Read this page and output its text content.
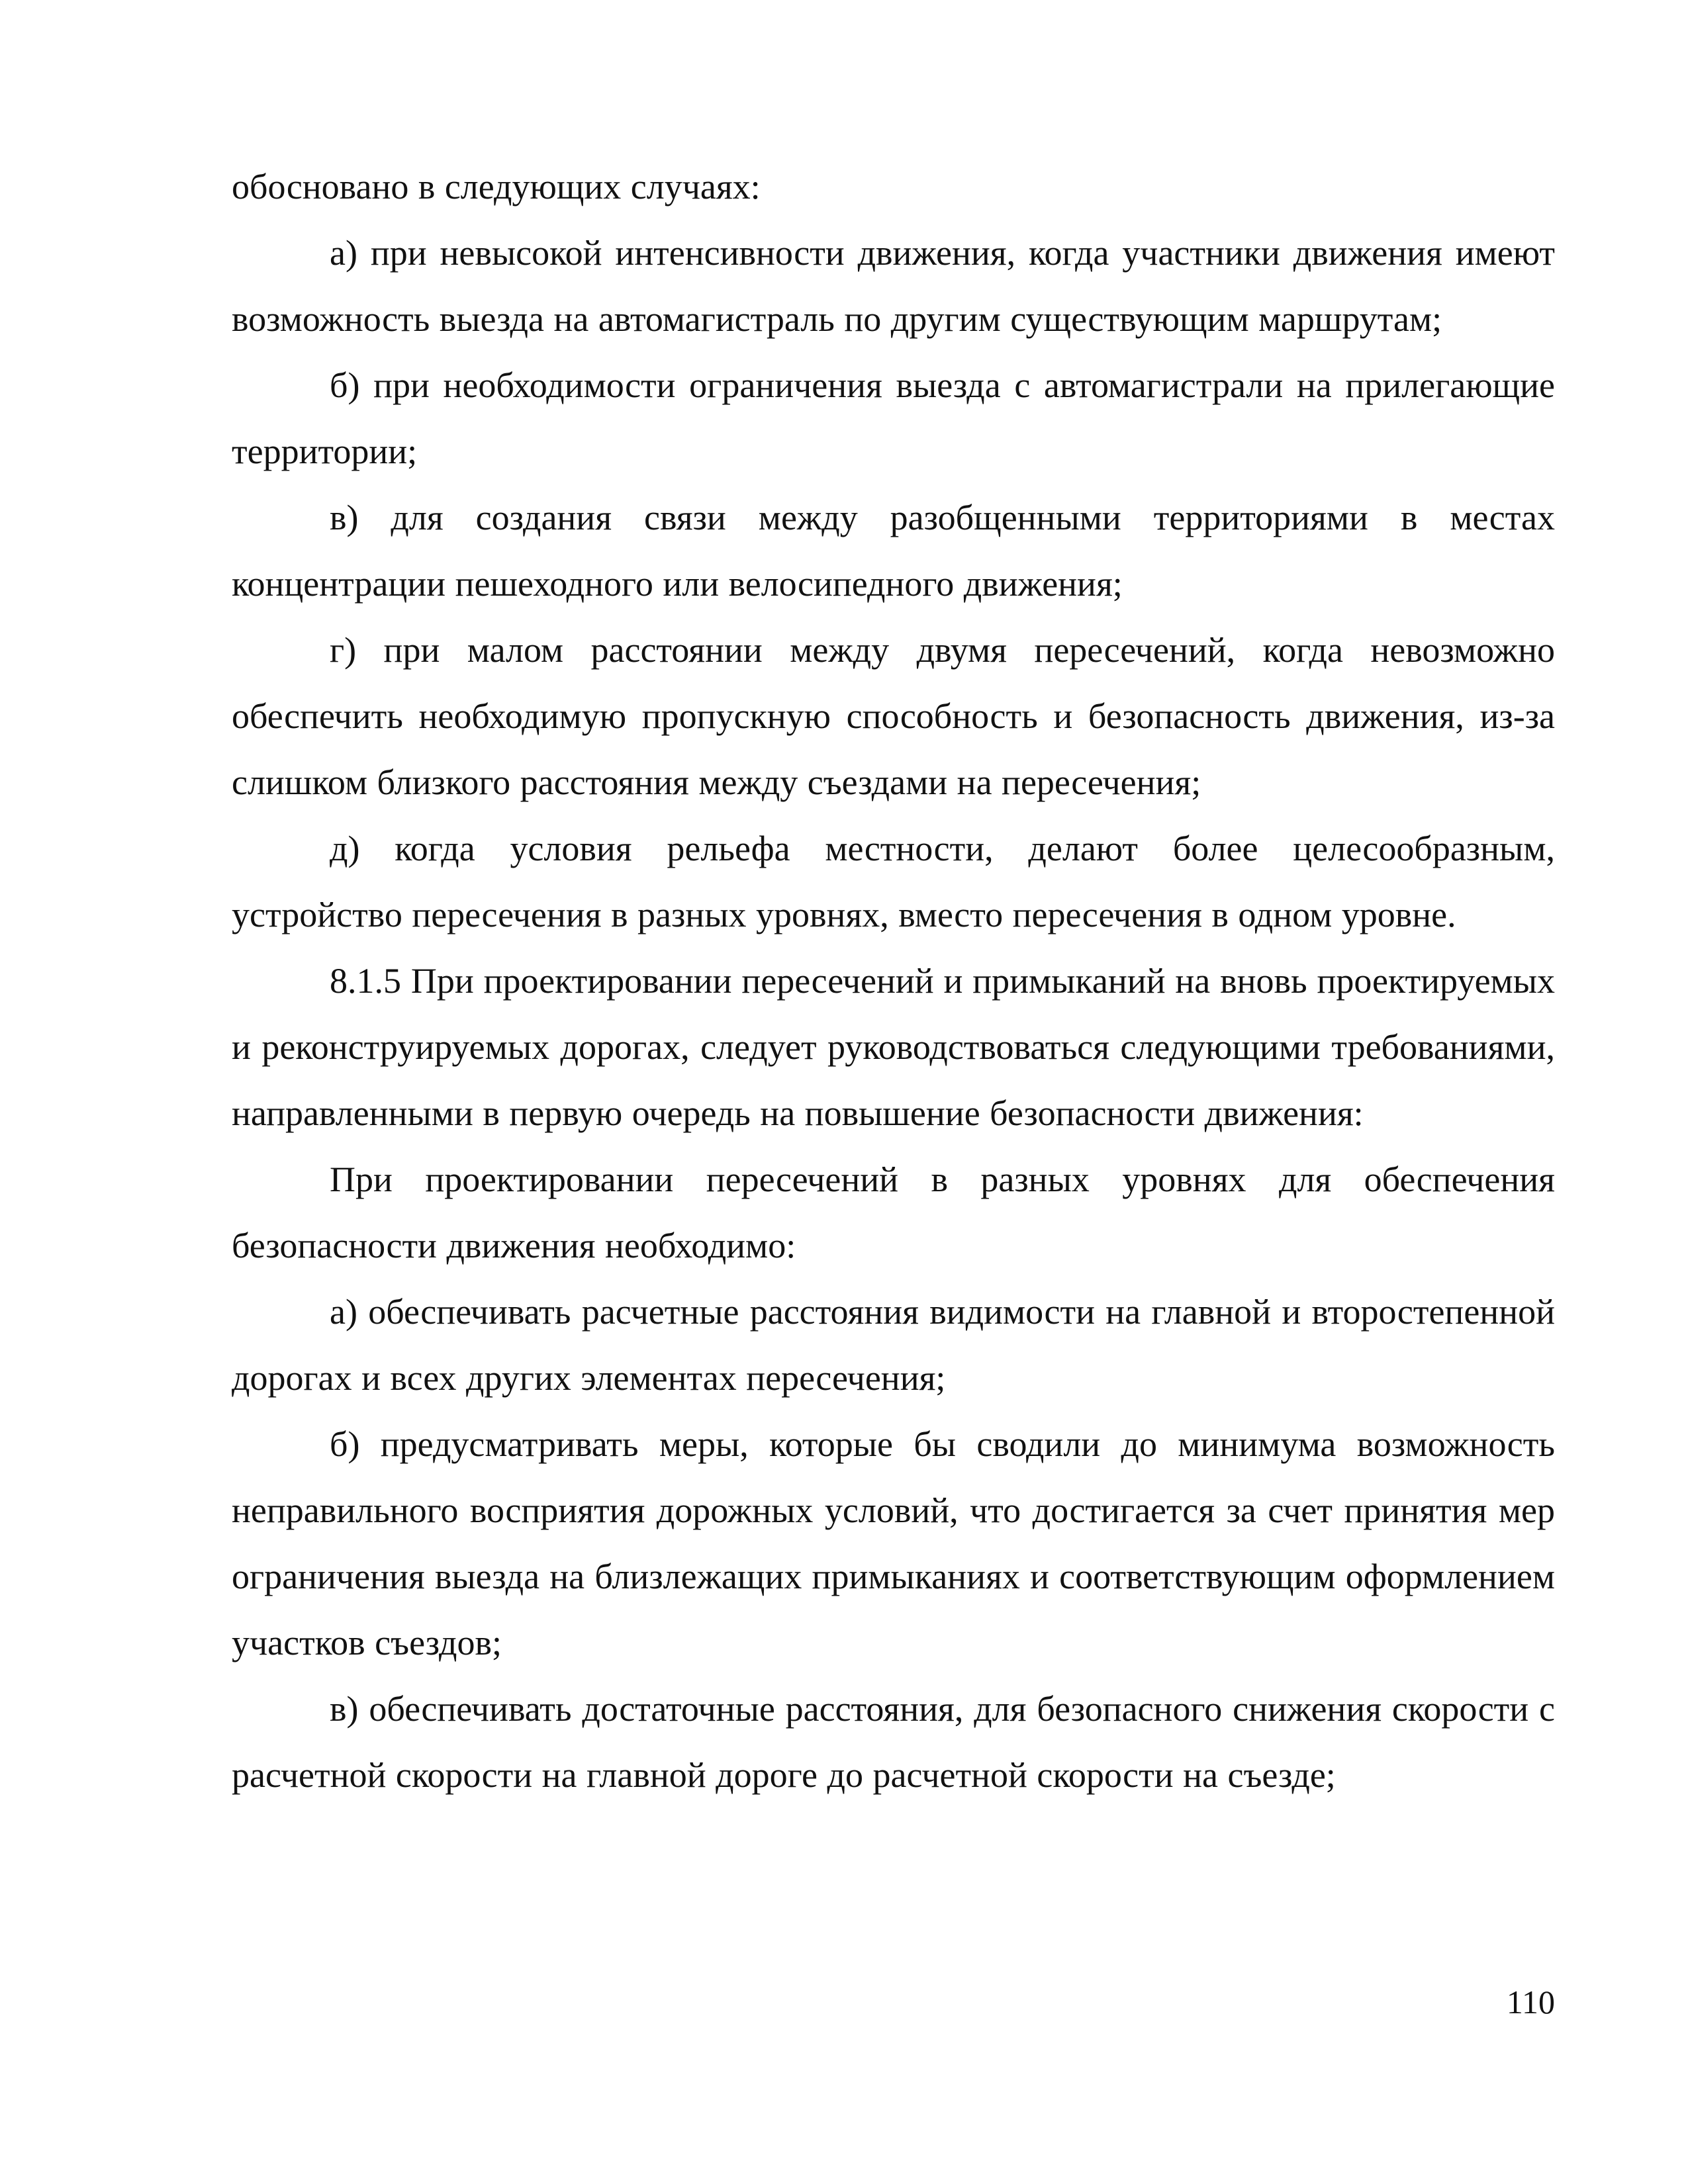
обосновано в следующих случаях:

а) при невысокой интенсивности движения, когда участники движения имеют возможность выезда на автомагистраль по другим существующим маршрутам;

б) при необходимости ограничения выезда с автомагистрали на прилегающие территории;

в) для создания связи между разобщенными территориями в местах концентрации пешеходного или велосипедного движения;

г) при малом расстоянии между двумя пересечений, когда невозможно обеспечить необходимую пропускную способность и безопасность движения, из-за слишком близкого расстояния между съездами на пересечения;

д) когда условия рельефа местности, делают более целесообразным, устройство пересечения в разных уровнях, вместо пересечения в одном уровне.

8.1.5 При проектировании пересечений и примыканий на вновь проектируемых и реконструируемых дорогах, следует руководствоваться следующими требованиями, направленными в первую очередь на повышение безопасности движения:

При проектировании пересечений в разных уровнях для обеспечения безопасности движения необходимо:

а) обеспечивать расчетные расстояния видимости на главной и второстепенной дорогах и всех других элементах пересечения;

б) предусматривать меры, которые бы сводили до минимума возможность неправильного восприятия дорожных условий, что достигается за счет принятия мер ограничения выезда на близлежащих примыканиях и соответствующим оформлением участков съездов;

в) обеспечивать достаточные расстояния, для безопасного снижения скорости с расчетной скорости на главной дороге до расчетной скорости на съезде;

110
